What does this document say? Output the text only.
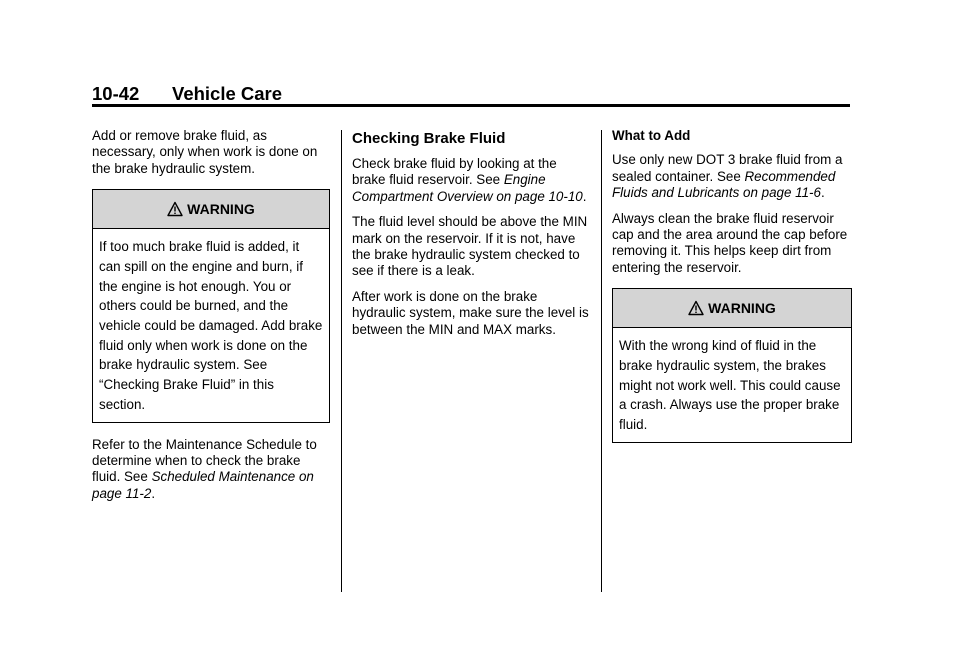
10-42 Vehicle Care

Add or remove brake fluid, as necessary, only when work is done on the brake hydraulic system.

WARNING
If too much brake fluid is added, it can spill on the engine and burn, if the engine is hot enough. You or others could be burned, and the vehicle could be damaged. Add brake fluid only when work is done on the brake hydraulic system. See “Checking Brake Fluid” in this section.

Refer to the Maintenance Schedule to determine when to check the brake fluid. See Scheduled Maintenance on page 11-2.

Checking Brake Fluid

Check brake fluid by looking at the brake fluid reservoir. See Engine Compartment Overview on page 10-10.

The fluid level should be above the MIN mark on the reservoir. If it is not, have the brake hydraulic system checked to see if there is a leak.

After work is done on the brake hydraulic system, make sure the level is between the MIN and MAX marks.

What to Add

Use only new DOT 3 brake fluid from a sealed container. See Recommended Fluids and Lubricants on page 11-6.

Always clean the brake fluid reservoir cap and the area around the cap before removing it. This helps keep dirt from entering the reservoir.

WARNING
With the wrong kind of fluid in the brake hydraulic system, the brakes might not work well. This could cause a crash. Always use the proper brake fluid.
